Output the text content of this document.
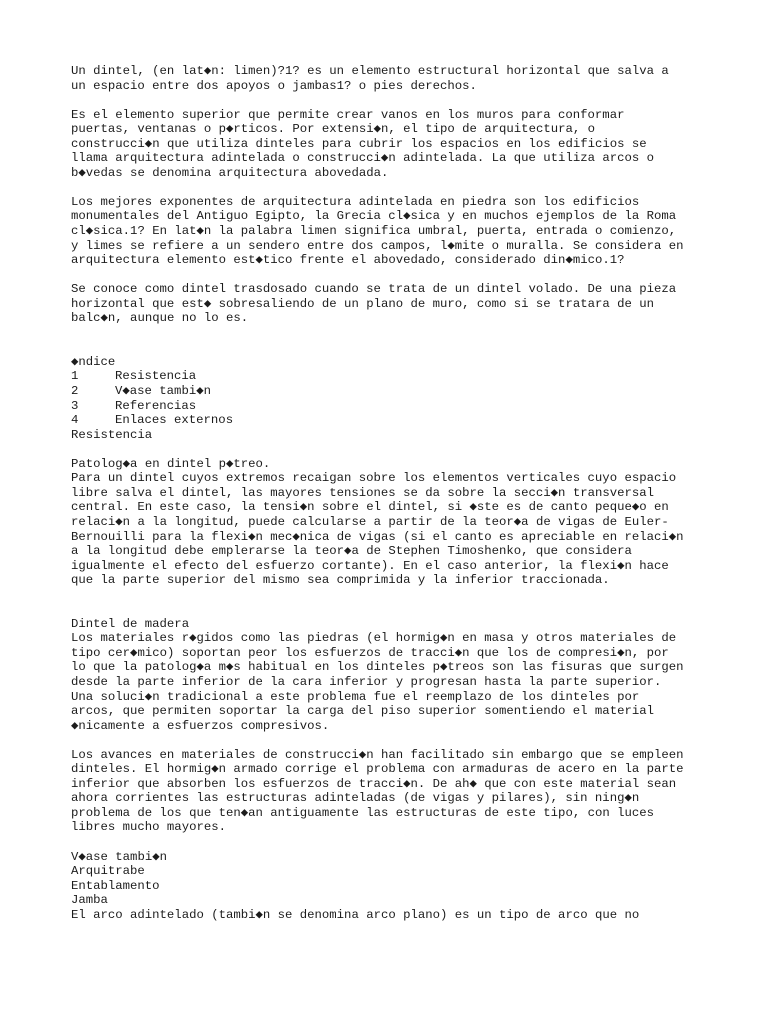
Un dintel, (en lat◆n: limen)?1? es un elemento estructural horizontal que salva a
un espacio entre dos apoyos o jambas1? o pies derechos.

Es el elemento superior que permite crear vanos en los muros para conformar
puertas, ventanas o p◆rticos. Por extensi◆n, el tipo de arquitectura, o
construcci◆n que utiliza dinteles para cubrir los espacios en los edificios se
llama arquitectura adintelada o construcci◆n adintelada. La que utiliza arcos o
b◆vedas se denomina arquitectura abovedada.

Los mejores exponentes de arquitectura adintelada en piedra son los edificios
monumentales del Antiguo Egipto, la Grecia cl◆sica y en muchos ejemplos de la Roma
cl◆sica.1? En lat◆n la palabra limen significa umbral, puerta, entrada o comienzo,
y limes se refiere a un sendero entre dos campos, l◆mite o muralla. Se considera en
arquitectura elemento est◆tico frente el abovedado, considerado din◆mico.1?

Se conoce como dintel trasdosado cuando se trata de un dintel volado. De una pieza
horizontal que est◆ sobresaliendo de un plano de muro, como si se tratara de un
balc◆n, aunque no lo es.

◆ndice

1	Resistencia
2	V◆ase tambi◆n
3	Referencias
4	Enlaces externos

Resistencia

Patolog◆a en dintel p◆treo.

Para un dintel cuyos extremos recaigan sobre los elementos verticales cuyo espacio
libre salva el dintel, las mayores tensiones se da sobre la secci◆n transversal
central. En este caso, la tensi◆n sobre el dintel, si ◆ste es de canto peque◆o en
relaci◆n a la longitud, puede calcularse a partir de la teor◆a de vigas de Euler-
Bernouilli para la flexi◆n mec◆nica de vigas (si el canto es apreciable en relaci◆n
a la longitud debe emplerarse la teor◆a de Stephen Timoshenko, que considera
igualmente el efecto del esfuerzo cortante). En el caso anterior, la flexi◆n hace
que la parte superior del mismo sea comprimida y la inferior traccionada.

Dintel de madera

Los materiales r◆gidos como las piedras (el hormig◆n en masa y otros materiales de
tipo cer◆mico) soportan peor los esfuerzos de tracci◆n que los de compresi◆n, por
lo que la patolog◆a m◆s habitual en los dinteles p◆treos son las fisuras que surgen
desde la parte inferior de la cara inferior y progresan hasta la parte superior.
Una soluci◆n tradicional a este problema fue el reemplazo de los dinteles por
arcos, que permiten soportar la carga del piso superior somentiendo el material
◆nicamente a esfuerzos compresivos.

Los avances en materiales de construcci◆n han facilitado sin embargo que se empleen
dinteles. El hormig◆n armado corrige el problema con armaduras de acero en la parte
inferior que absorben los esfuerzos de tracci◆n. De ah◆ que con este material sean
ahora corrientes las estructuras adinteladas (de vigas y pilares), sin ning◆n
problema de los que ten◆an antiguamente las estructuras de este tipo, con luces
libres mucho mayores.

V◆ase tambi◆n

Arquitrabe

Entablamento

Jamba

El arco adintelado (tambi◆n se denomina arco plano) es un tipo de arco que no
